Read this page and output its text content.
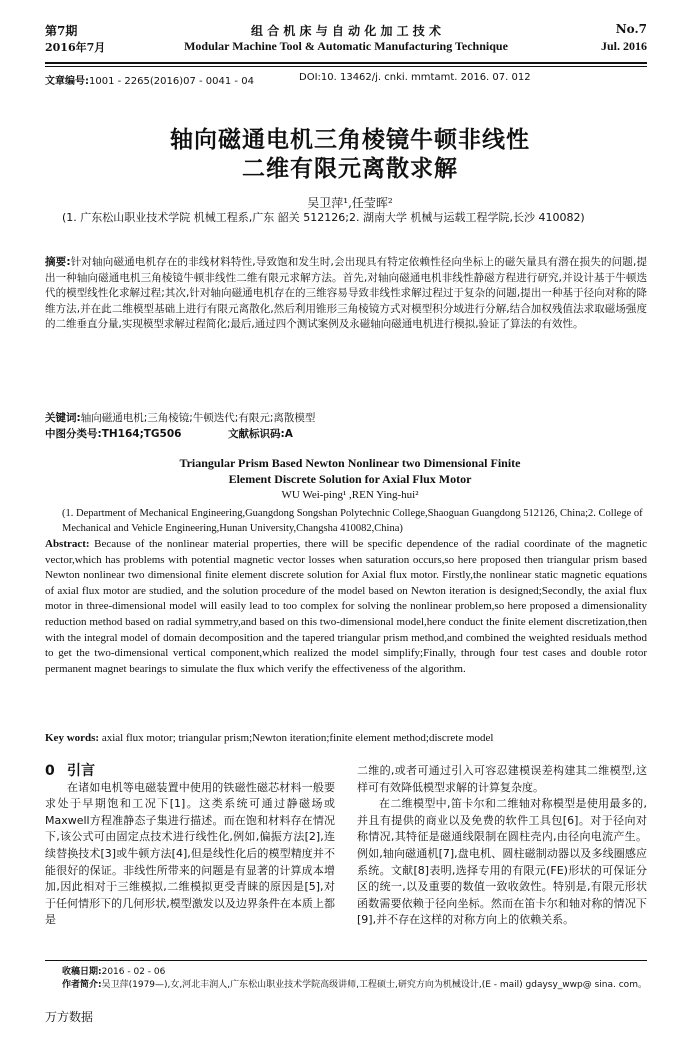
第7期	组 合 机 床 与 自 动 化 加 工 技 术	No.7
2016年7月	Modular Machine Tool & Automatic Manufacturing Technique	Jul. 2016
文章编号:1001 - 2265(2016)07 - 0041 - 04	DOI:10. 13462/j. cnki. mmtamt. 2016. 07. 012
轴向磁通电机三角棱镜牛顿非线性
二维有限元离散求解
吴卫萍¹,任莹晖²
(1. 广东松山职业技术学院 机械工程系,广东 韶关 512126;2. 湖南大学 机械与运载工程学院,长沙 410082)
摘要:针对轴向磁通电机存在的非线材料特性,导致饱和发生时,会出现具有特定依赖性径向坐标上的磁矢量具有潜在损失的问题,提出一种轴向磁通电机三角棱镜牛顿非线性二维有限元求解方法。首先,对轴向磁通电机非线性静磁方程进行研究,并设计基于牛顿迭代的模型线性化求解过程;其次,针对轴向磁通电机存在的三维容易导致非线性求解过程过于复杂的问题,提出一种基于径向对称的降维方法,并在此二维模型基础上进行有限元离散化,然后利用锥形三角棱镜方式对模型积分域进行分解,结合加权残值法求取磁场强度的二维垂直分量,实现模型求解过程简化;最后,通过四个测试案例及永磁轴向磁通电机进行模拟,验证了算法的有效性。
关键词:轴向磁通电机;三角棱镜;牛顿迭代;有限元;离散模型
中图分类号:TH164;TG506	文献标识码:A
Triangular Prism Based Newton Nonlinear two Dimensional Finite
Element Discrete Solution for Axial Flux Motor
WU Wei-ping¹ ,REN Ying-hui²
(1. Department of Mechanical Engineering,Guangdong Songshan Polytechnic College,Shaoguan Guangdong 512126, China;2. College of Mechanical and Vehicle Engineering,Hunan University,Changsha 410082,China)
Abstract: Because of the nonlinear material properties, there will be specific dependence of the radial coordinate of the magnetic vector,which has problems with potential magnetic vector losses when saturation occurs,so here proposed then triangular prism based Newton nonlinear two dimensional finite element discrete solution for Axial flux motor. Firstly,the nonlinear static magnetic equations of axial flux motor are studied, and the solution procedure of the model based on Newton iteration is designed;Secondly, the axial flux motor in three-dimensional model will easily lead to too complex for solving the nonlinear problem,so here proposed a dimensionality reduction method based on radial symmetry,and based on this two-dimensional model,here conduct the finite element discretization,then with the integral model of domain decomposition and the tapered triangular prism method,and combined the weighted residuals method to get the two-dimensional vertical component,which realized the model simplify;Finally, through four test cases and double rotor permanent magnet bearings to simulate the flux which verify the effectiveness of the algorithm.
Key words: axial flux motor; triangular prism;Newton iteration;finite element method;discrete model

0 引言

在诸如电机等电磁装置中使用的铁磁性磁芯材料一般要求处于早期饱和工况下[1]。这类系统可通过静磁场或Maxwell方程准静态子集进行描述。而在饱和材料存在情况下,该公式可由固定点技术进行线性化,例如,偏振方法[2],连续替换技术[3]或牛顿方法[4],但是线性化后的模型精度并不能很好的保证。非线性所带来的问题是有显著的计算成本增加,因此相对于三维模拟,二维模拟更受青睐的原因是[5],对于任何情形下的几何形状,模型激发以及边界条件在本质上都是

二维的,或者可通过引入可容忍建模误差构建其二维模型,这样可有效降低模型求解的计算复杂度。

在二维模型中,笛卡尔和二维轴对称模型是使用最多的,并且有提供的商业以及免费的软件工具包[6]。对于径向对称情况,其特征是磁通线限制在圆柱壳内,由径向电流产生。例如,轴向磁通机[7],盘电机、圆柱磁制动器以及多线圈感应系统。文献[8]表明,选择专用的有限元(FE)形状的可保证分区的统一,以及重要的数值一致收敛性。特别是,有限元形状函数需要依赖于径向坐标。然而在笛卡尔和轴对称的情况下[9],并不存在这样的对称方向上的依赖关系。

收稿日期:2016 - 02 - 06
作者简介:吴卫萍(1979—),女,河北丰润人,广东松山职业技术学院高级讲师,工程硕士,研究方向为机械设计,(E - mail) gdaysy_wwp@ sina. com。
万方数据
